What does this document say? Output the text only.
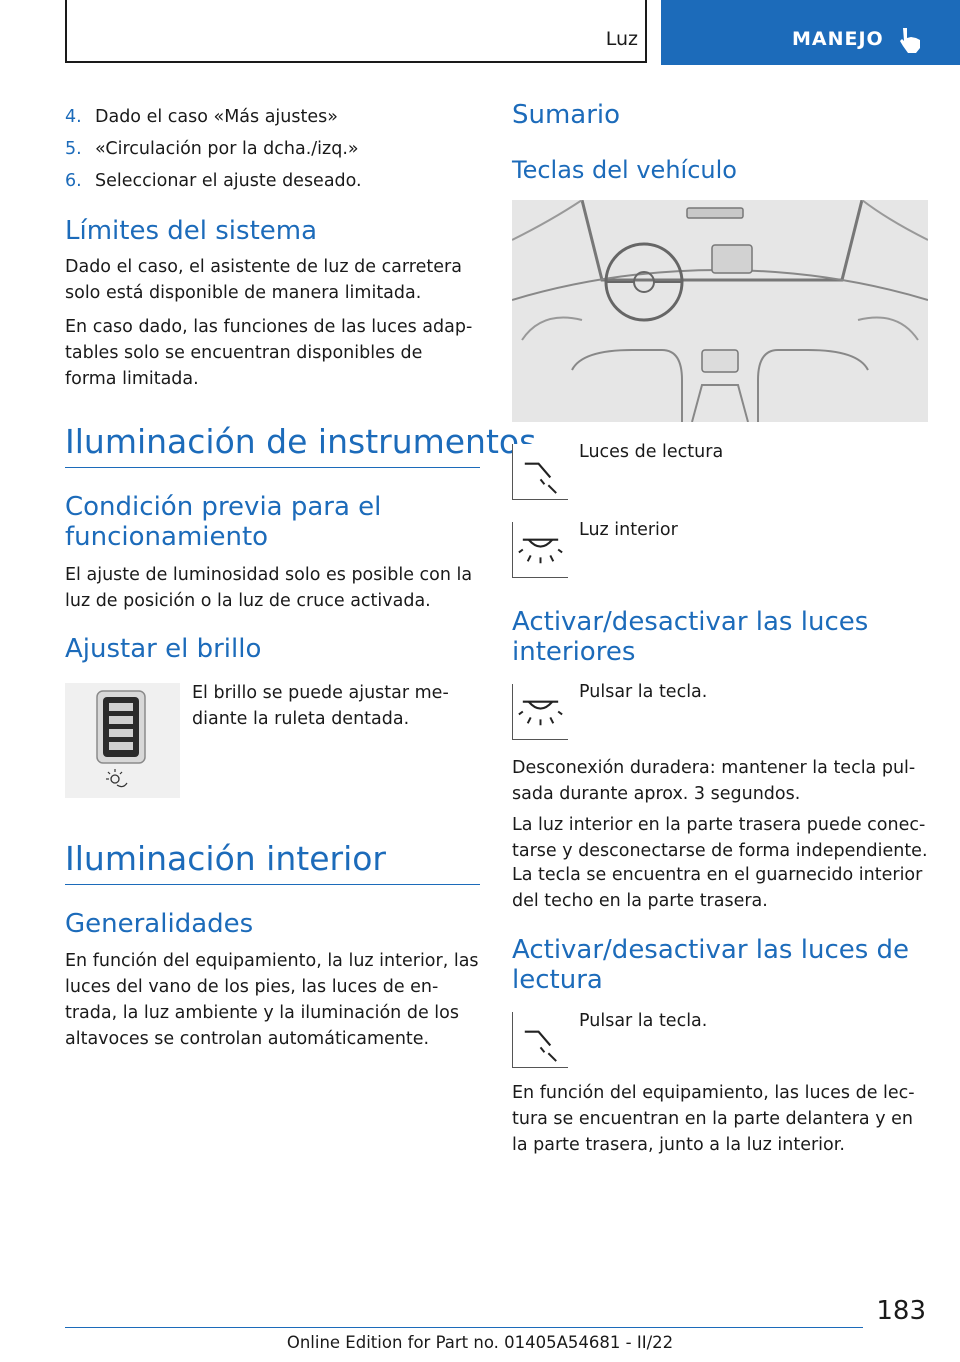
Luz	MANEJO
4. Dado el caso «Más ajustes»
5. «Circulación por la dcha./izq.»
6. Seleccionar el ajuste deseado.
Límites del sistema
Dado el caso, el asistente de luz de carretera
solo está disponible de manera limitada.
En caso dado, las funciones de las luces adap‐
tables solo se encuentran disponibles de
forma limitada.
Iluminación de instrumentos
Condición previa para el
funcionamiento
El ajuste de luminosidad solo es posible con la
luz de posición o la luz de cruce activada.
Ajustar el brillo
El brillo se puede ajustar me‐
diante la ruleta dentada.
Iluminación interior
Generalidades
En función del equipamiento, la luz interior, las
luces del vano de los pies, las luces de en‐
trada, la luz ambiente y la iluminación de los
altavoces se controlan automáticamente.
Sumario
Teclas del vehículo
Luces de lectura
Luz interior
Activar/desactivar las luces
interiores
Pulsar la tecla.
Desconexión duradera: mantener la tecla pul‐
sada durante aprox. 3 segundos.
La luz interior en la parte trasera puede conec‐
tarse y desconectarse de forma independiente.
La tecla se encuentra en el guarnecido interior
del techo en la parte trasera.
Activar/desactivar las luces de
lectura
Pulsar la tecla.
En función del equipamiento, las luces de lec‐
tura se encuentran en la parte delantera y en
la parte trasera, junto a la luz interior.
183
Online Edition for Part no. 01405A54681 - II/22
